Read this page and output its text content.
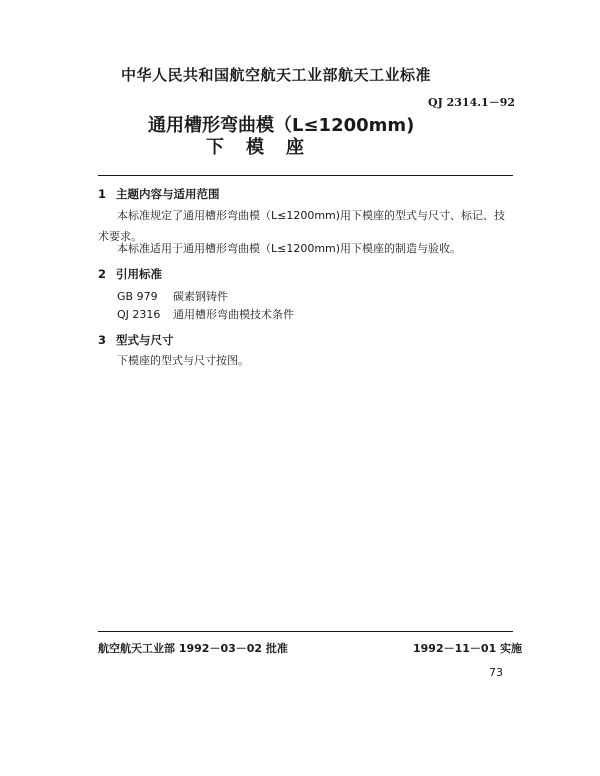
中华人民共和国航空航天工业部航天工业标准
QJ 2314.1－92
通用槽形弯曲模（L≤1200mm)
下模座
1 主题内容与适用范围
本标准规定了通用槽形弯曲模（L≤1200mm)用下模座的型式与尺寸、标记、技术要求。
本标准适用于通用槽形弯曲模（L≤1200mm)用下模座的制造与验收。
2 引用标准
GB 979 碳素钢铸件
QJ 2316 通用槽形弯曲模技术条件
3 型式与尺寸
下模座的型式与尺寸按图。
航空航天工业部 1992－03－02 批准	1992－11－01 实施
73
